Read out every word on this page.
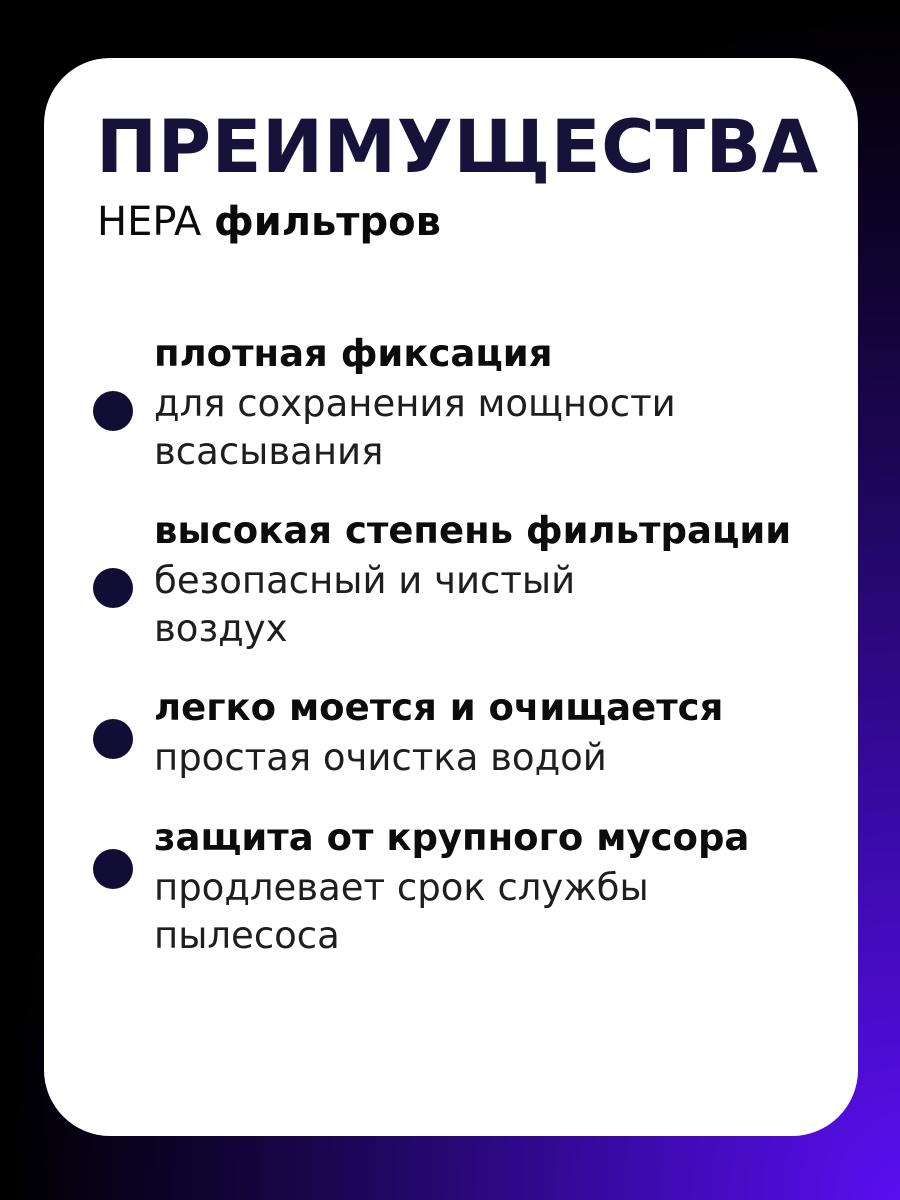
ПРЕИМУЩЕСТВА
HEPA фильтров
плотная фиксация
для сохранения мощности
всасывания
высокая степень фильтрации
безопасный и чистый
воздух
легко моется и очищается
простая очистка водой
защита от крупного мусора
продлевает срок службы
пылесоса
